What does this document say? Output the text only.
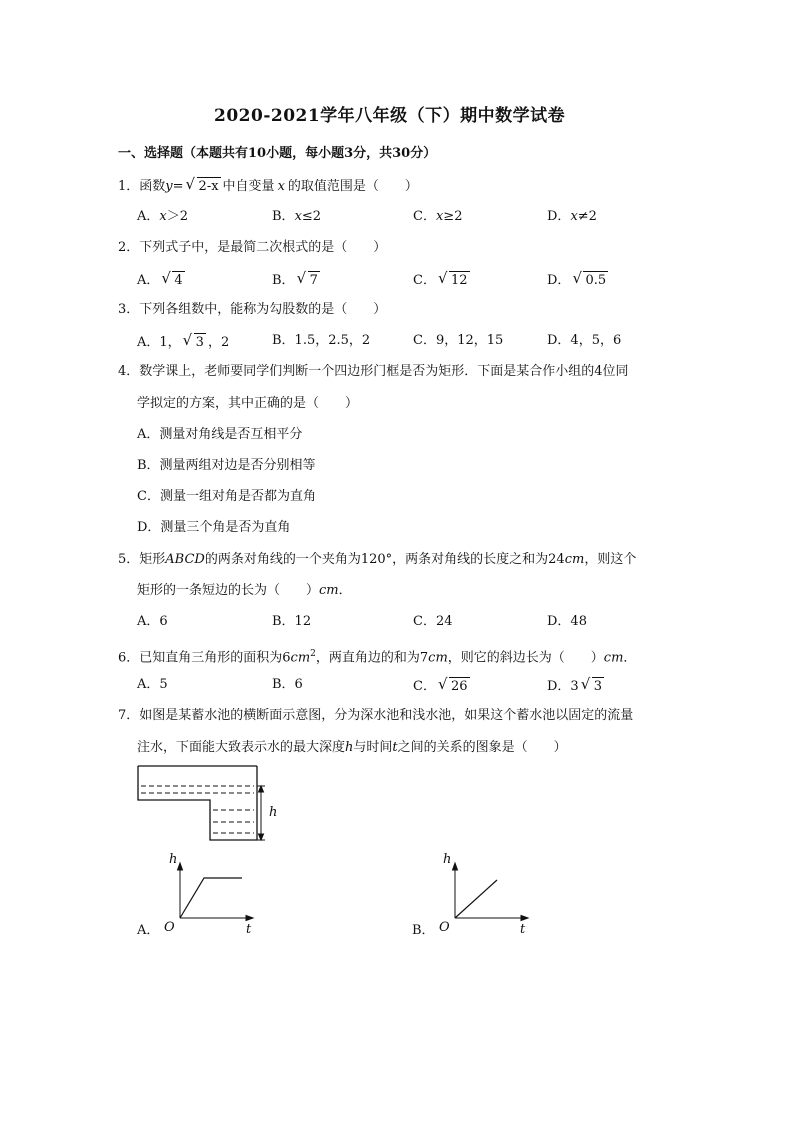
2020-2021学年八年级（下）期中数学试卷
一、选择题（本题共有10小题，每小题3分，共30分）
1．函数y= √ 2-x 中自变量 x 的取值范围是（　　）
A．x＞2	B．x≤2	C．x≥2	D．x≠2
2．下列式子中，是最简二次根式的是（　　）
A． √ 4	B． √ 7	C． √ 12	D． √ 0.5
3．下列各组数中，能称为勾股数的是（　　）
A．1， √ 3 ，2	B．1.5，2.5，2	C．9，12，15	D．4，5，6
4．数学课上，老师要同学们判断一个四边形门框是否为矩形．下面是某合作小组的4位同
学拟定的方案，其中正确的是（　　）
A．测量对角线是否互相平分
B．测量两组对边是否分别相等
C．测量一组对角是否都为直角
D．测量三个角是否为直角
5．矩形ABCD的两条对角线的一个夹角为120°，两条对角线的长度之和为24cm，则这个
矩形的一条短边的长为（　　）cm．
A．6	B．12	C．24	D．48
6．已知直角三角形的面积为$6cm^2$，两直角边的和为7cm，则它的斜边长为（　　）cm．
A．5	B．6	C． √ 26	D．3 √ 3
7．如图是某蓄水池的横断面示意图，分为深水池和浅水池，如果这个蓄水池以固定的流量
注水，下面能大致表示水的最大深度h与时间t之间的关系的图象是（　　）
h
A．
h
t
O	B．
h
t
O
